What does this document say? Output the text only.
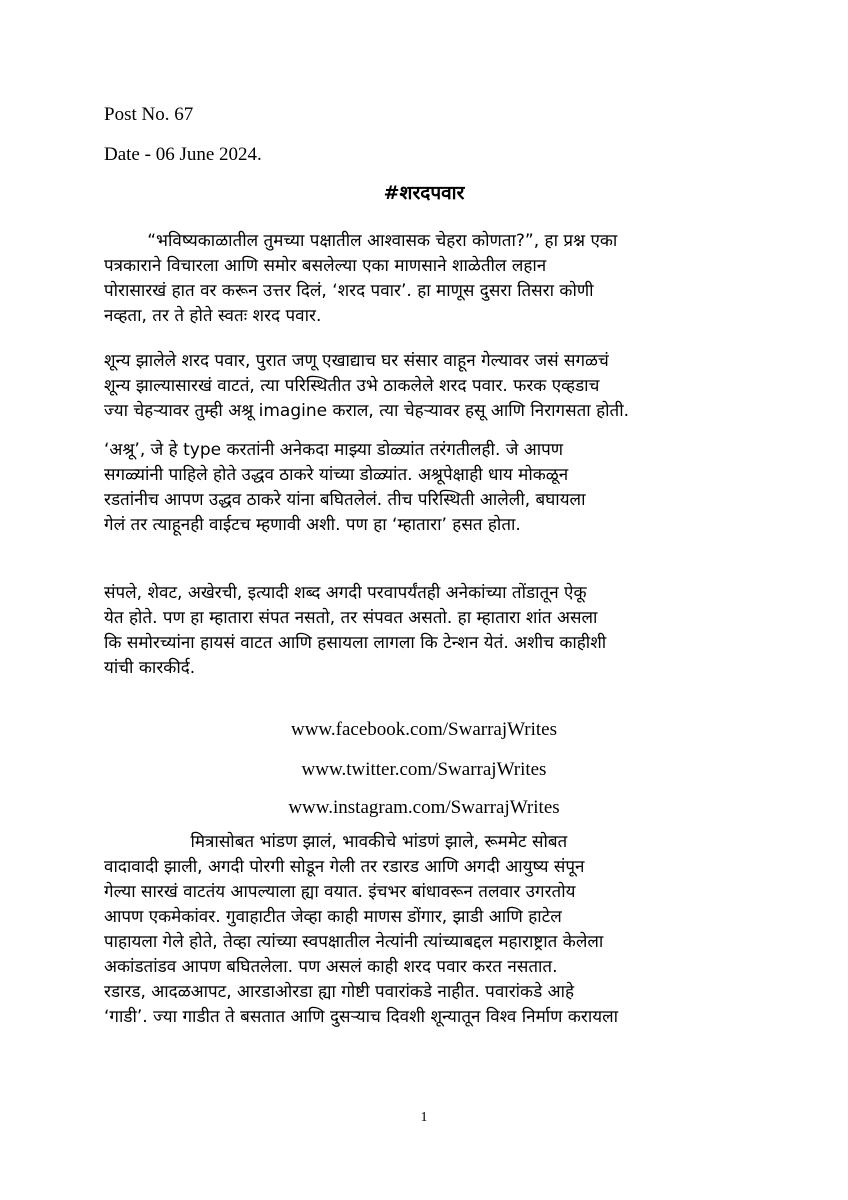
Post No. 67
Date - 06 June 2024.
#शरदपवार

“भविष्यकाळातील तुमच्या पक्षातील आश्वासक चेहरा कोणता?”, हा प्रश्न एका
पत्रकाराने विचारला आणि समोर बसलेल्या एका माणसाने शाळेतील लहान
पोरासारखं हात वर करून उत्तर दिलं, ‘शरद पवार’. हा माणूस दुसरा तिसरा कोणी
नव्हता, तर ते होते स्वतः शरद पवार.

शून्य झालेले शरद पवार, पुरात जणू एखाद्याच घर संसार वाहून गेल्यावर जसं सगळचं
शून्य झाल्यासारखं वाटतं, त्या परिस्थितीत उभे ठाकलेले शरद पवार. फरक एव्हडाच
ज्या चेहऱ्यावर तुम्ही अश्रू imagine कराल, त्या चेहऱ्यावर हसू आणि निरागसता होती.

‘अश्रू’, जे हे type करतांनी अनेकदा माझ्या डोळ्यांत तरंगतीलही. जे आपण
सगळ्यांनी पाहिले होते उद्धव ठाकरे यांच्या डोळ्यांत. अश्रूपेक्षाही धाय मोकळून
रडतांनीच आपण उद्धव ठाकरे यांना बघितलेलं. तीच परिस्थिती आलेली, बघायला
गेलं तर त्याहूनही वाईटच म्हणावी अशी. पण हा ‘म्हातारा’ हसत होता.

संपले, शेवट, अखेरची, इत्यादी शब्द अगदी परवापर्यंतही अनेकांच्या तोंडातून ऐकू
येत होते. पण हा म्हातारा संपत नसतो, तर संपवत असतो. हा म्हातारा शांत असला
कि समोरच्यांना हायसं वाटत आणि हसायला लागला कि टेन्शन येतं. अशीच काहीशी
यांची कारकीर्द.

www.facebook.com/SwarrajWrites
www.twitter.com/SwarrajWrites
www.instagram.com/SwarrajWrites

मित्रासोबत भांडण झालं, भावकीचे भांडणं झाले, रूममेट सोबत
वादावादी झाली, अगदी पोरगी सोडून गेली तर रडारड आणि अगदी आयुष्य संपून
गेल्या सारखं वाटतंय आपल्याला ह्या वयात. इंचभर बांधावरून तलवार उगरतोय
आपण एकमेकांवर. गुवाहाटीत जेव्हा काही माणस डोंगार, झाडी आणि हाटेल
पाहायला गेले होते, तेव्हा त्यांच्या स्वपक्षातील नेत्यांनी त्यांच्याबद्दल महाराष्ट्रात केलेला
अकांडतांडव आपण बघितलेला. पण असलं काही शरद पवार करत नसतात.
रडारड, आदळआपट, आरडाओरडा ह्या गोष्टी पवारांकडे नाहीत. पवारांकडे आहे
‘गाडी’. ज्या गाडीत ते बसतात आणि दुसऱ्याच दिवशी शून्यातून विश्व निर्माण करायला

1
